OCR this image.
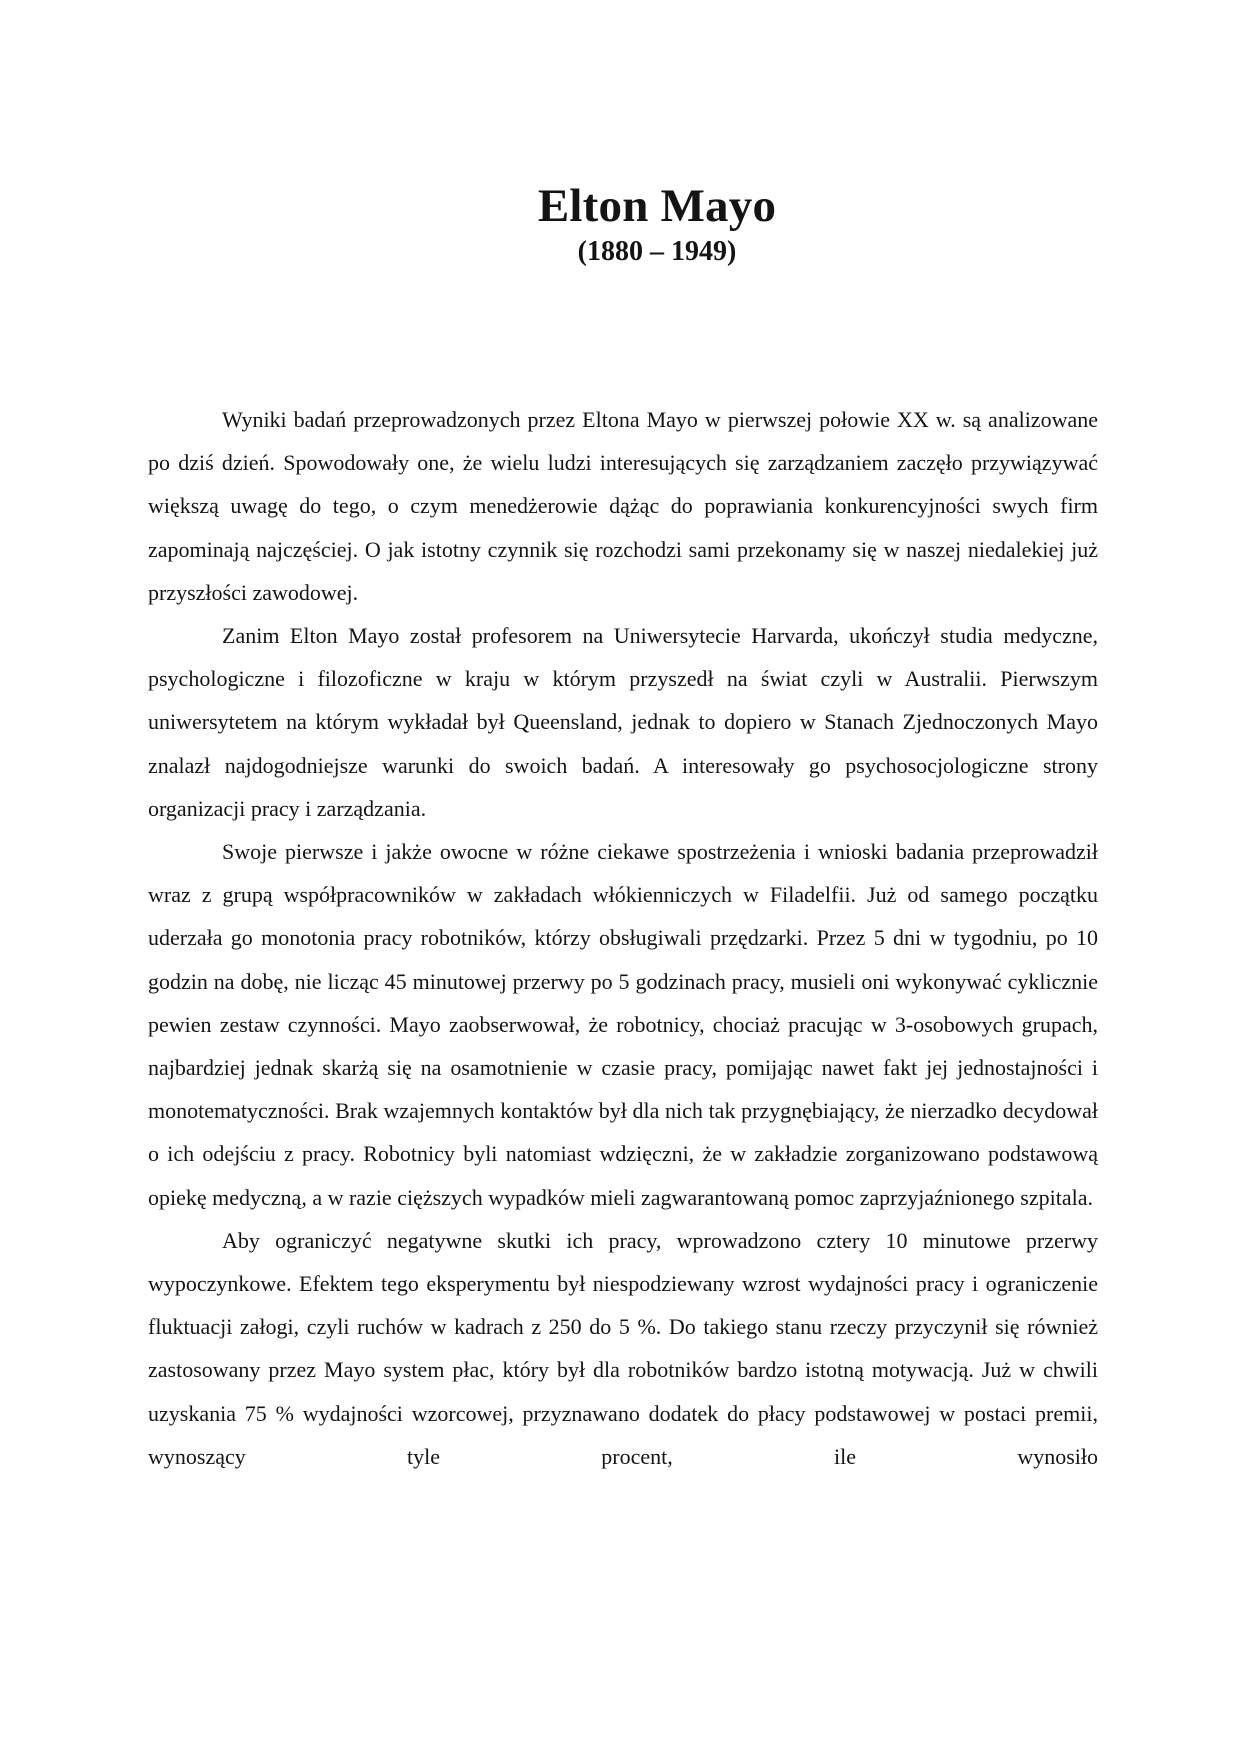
Elton Mayo
(1880 – 1949)

Wyniki badań przeprowadzonych przez Eltona Mayo w pierwszej połowie XX w. są analizowane po dziś dzień. Spowodowały one, że wielu ludzi interesujących się zarządzaniem zaczęło przywiązywać większą uwagę do tego, o czym menedżerowie dążąc do poprawiania konkurencyjności swych firm zapominają najczęściej. O jak istotny czynnik się rozchodzi sami przekonamy się w naszej niedalekiej już przyszłości zawodowej.

Zanim Elton Mayo został profesorem na Uniwersytecie Harvarda, ukończył studia medyczne, psychologiczne i filozoficzne w kraju w którym przyszedł na świat czyli w Australii. Pierwszym uniwersytetem na którym wykładał był Queensland, jednak to dopiero w Stanach Zjednoczonych Mayo znalazł najdogodniejsze warunki do swoich badań. A interesowały go psychosocjologiczne strony organizacji pracy i zarządzania.

Swoje pierwsze i jakże owocne w różne ciekawe spostrzeżenia i wnioski badania przeprowadził wraz z grupą współpracowników w zakładach włókienniczych w Filadelfii. Już od samego początku uderzała go monotonia pracy robotników, którzy obsługiwali przędzarki. Przez 5 dni w tygodniu, po 10 godzin na dobę, nie licząc 45 minutowej przerwy po 5 godzinach pracy, musieli oni wykonywać cyklicznie pewien zestaw czynności. Mayo zaobserwował, że robotnicy, chociaż pracując w 3-osobowych grupach, najbardziej jednak skarżą się na osamotnienie w czasie pracy, pomijając nawet fakt jej jednostajności i monotematyczności. Brak wzajemnych kontaktów był dla nich tak przygnębiający, że nierzadko decydował o ich odejściu z pracy. Robotnicy byli natomiast wdzięczni, że w zakładzie zorganizowano podstawową opiekę medyczną, a w razie cięższych wypadków mieli zagwarantowaną pomoc zaprzyjaźnionego szpitala.

Aby ograniczyć negatywne skutki ich pracy, wprowadzono cztery 10 minutowe przerwy wypoczynkowe. Efektem tego eksperymentu był niespodziewany wzrost wydajności pracy i ograniczenie fluktuacji załogi, czyli ruchów w kadrach z 250 do 5 %. Do takiego stanu rzeczy przyczynił się również zastosowany przez Mayo system płac, który był dla robotników bardzo istotną motywacją. Już w chwili uzyskania 75 % wydajności wzorcowej, przyznawano dodatek do płacy podstawowej w postaci premii, wynoszący tyle procent, ile wynosiło
